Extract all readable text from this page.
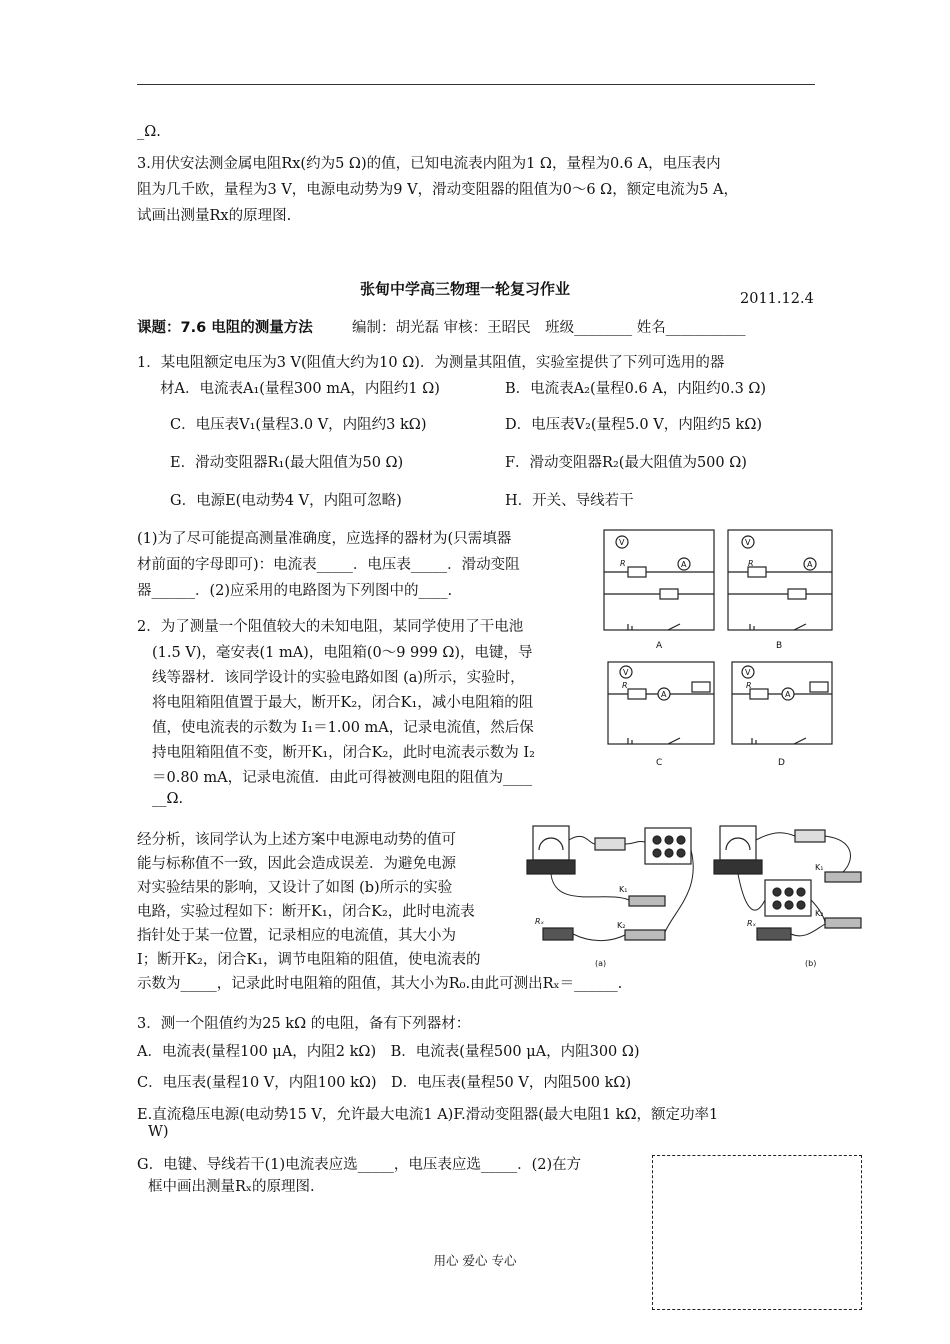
_Ω.
3.用伏安法测金属电阻Rx(约为5 Ω)的值，已知电流表内阻为1 Ω，量程为0.6 A，电压表内
阻为几千欧，量程为3 V，电源电动势为9 V，滑动变阻器的阻值为0～6 Ω，额定电流为5 A，
试画出测量Rx的原理图.
张甸中学高三物理一轮复习作业
2011.12.4
课题：7.6 电阻的测量方法	编制：胡光磊 审核：王昭民　班级________ 姓名___________
1．某电阻额定电压为3 V(阻值大约为10 Ω)．为测量其阻值，实验室提供了下列可选用的器
材A．电流表A₁(量程300 mA，内阻约1 Ω)	B．电流表A₂(量程0.6 A，内阻约0.3 Ω)
C．电压表V₁(量程3.0 V，内阻约3 kΩ)	D．电压表V₂(量程5.0 V，内阻约5 kΩ)
E．滑动变阻器R₁(最大阻值为50 Ω)	F．滑动变阻器R₂(最大阻值为500 Ω)
G．电源E(电动势4 V，内阻可忽略)	H．开关、导线若干
(1)为了尽可能提高测量准确度，应选择的器材为(只需填器
材前面的字母即可)：电流表_____．电压表_____．滑动变阻
器______．(2)应采用的电路图为下列图中的____.
V
A
R
V
A
R
V
A
R
V
A
R
A	B
C	D
2．为了测量一个阻值较大的未知电阻，某同学使用了干电池
(1.5 V)，毫安表(1 mA)，电阻箱(0～9 999 Ω)，电键，导
线等器材．该同学设计的实验电路如图 (a)所示，实验时，
将电阻箱阻值置于最大，断开K₂，闭合K₁，减小电阻箱的阻
值，使电流表的示数为 I₁＝1.00 mA，记录电流值，然后保
持电阻箱阻值不变，断开K₁，闭合K₂，此时电流表示数为 I₂
＝0.80 mA，记录电流值．由此可得被测电阻的阻值为____
__Ω.
经分析，该同学认为上述方案中电源电动势的值可
能与标称值不一致，因此会造成误差．为避免电源
对实验结果的影响，又设计了如图 (b)所示的实验
电路，实验过程如下：断开K₁，闭合K₂，此时电流表
指针处于某一位置，记录相应的电流值，其大小为
I；断开K₂，闭合K₁，调节电阻箱的阻值，使电流表的
示数为_____，记录此时电阻箱的阻值，其大小为R₀.由此可测出Rₓ＝______.
K₁
K₂
Rₓ
K₁
K₂
Rₓ
(a)	(b)
3．测一个阻值约为25 kΩ 的电阻，备有下列器材：
A．电流表(量程100 μA，内阻2 kΩ)　B．电流表(量程500 μA，内阻300 Ω)
C．电压表(量程10 V，内阻100 kΩ)　D．电压表(量程50 V，内阻500 kΩ)
E.直流稳压电源(电动势15 V，允许最大电流1 A)F.滑动变阻器(最大电阻1 kΩ，额定功率1
W)
G．电键、导线若干(1)电流表应选_____，电压表应选_____．(2)在方
框中画出测量Rₓ的原理图.
用心 爱心 专心
